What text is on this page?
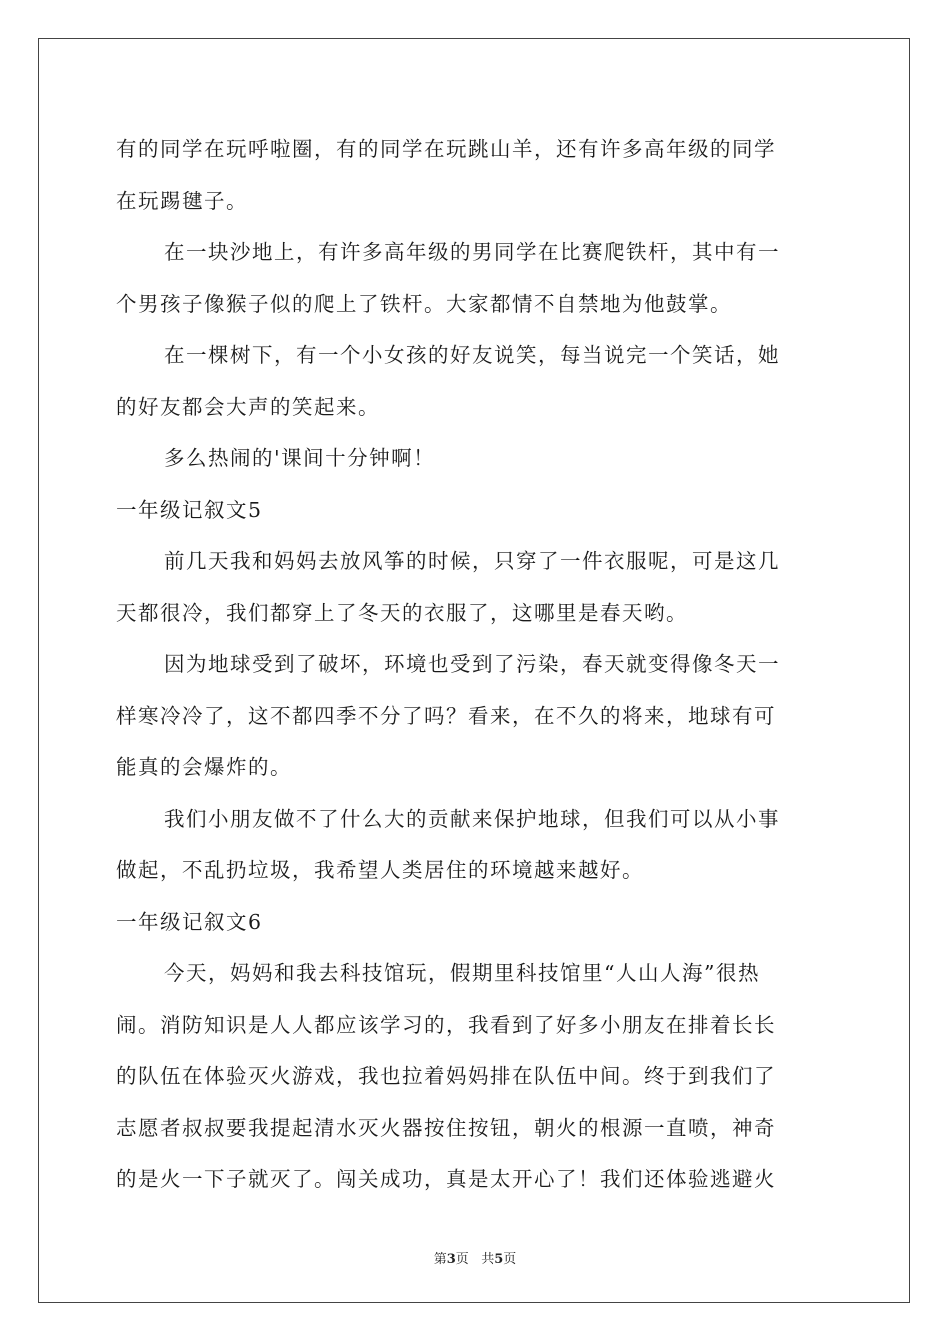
有的同学在玩呼啦圈，有的同学在玩跳山羊，还有许多高年级的同学
在玩踢毽子。
在一块沙地上，有许多高年级的男同学在比赛爬铁杆，其中有一
个男孩子像猴子似的爬上了铁杆。大家都情不自禁地为他鼓掌。
在一棵树下，有一个小女孩的好友说笑，每当说完一个笑话，她
的好友都会大声的笑起来。
多么热闹的'课间十分钟啊！
一年级记叙文5
前几天我和妈妈去放风筝的时候，只穿了一件衣服呢，可是这几
天都很冷，我们都穿上了冬天的衣服了，这哪里是春天哟。
因为地球受到了破坏，环境也受到了污染，春天就变得像冬天一
样寒冷冷了，这不都四季不分了吗？看来，在不久的将来，地球有可
能真的会爆炸的。
我们小朋友做不了什么大的贡献来保护地球，但我们可以从小事
做起，不乱扔垃圾，我希望人类居住的环境越来越好。
一年级记叙文6
今天，妈妈和我去科技馆玩，假期里科技馆里“人山人海”很热
闹。消防知识是人人都应该学习的，我看到了好多小朋友在排着长长
的队伍在体验灭火游戏，我也拉着妈妈排在队伍中间。终于到我们了
志愿者叔叔要我提起清水灭火器按住按钮，朝火的根源一直喷，神奇
的是火一下子就灭了。闯关成功，真是太开心了！我们还体验逃避火
第3页 共5页
